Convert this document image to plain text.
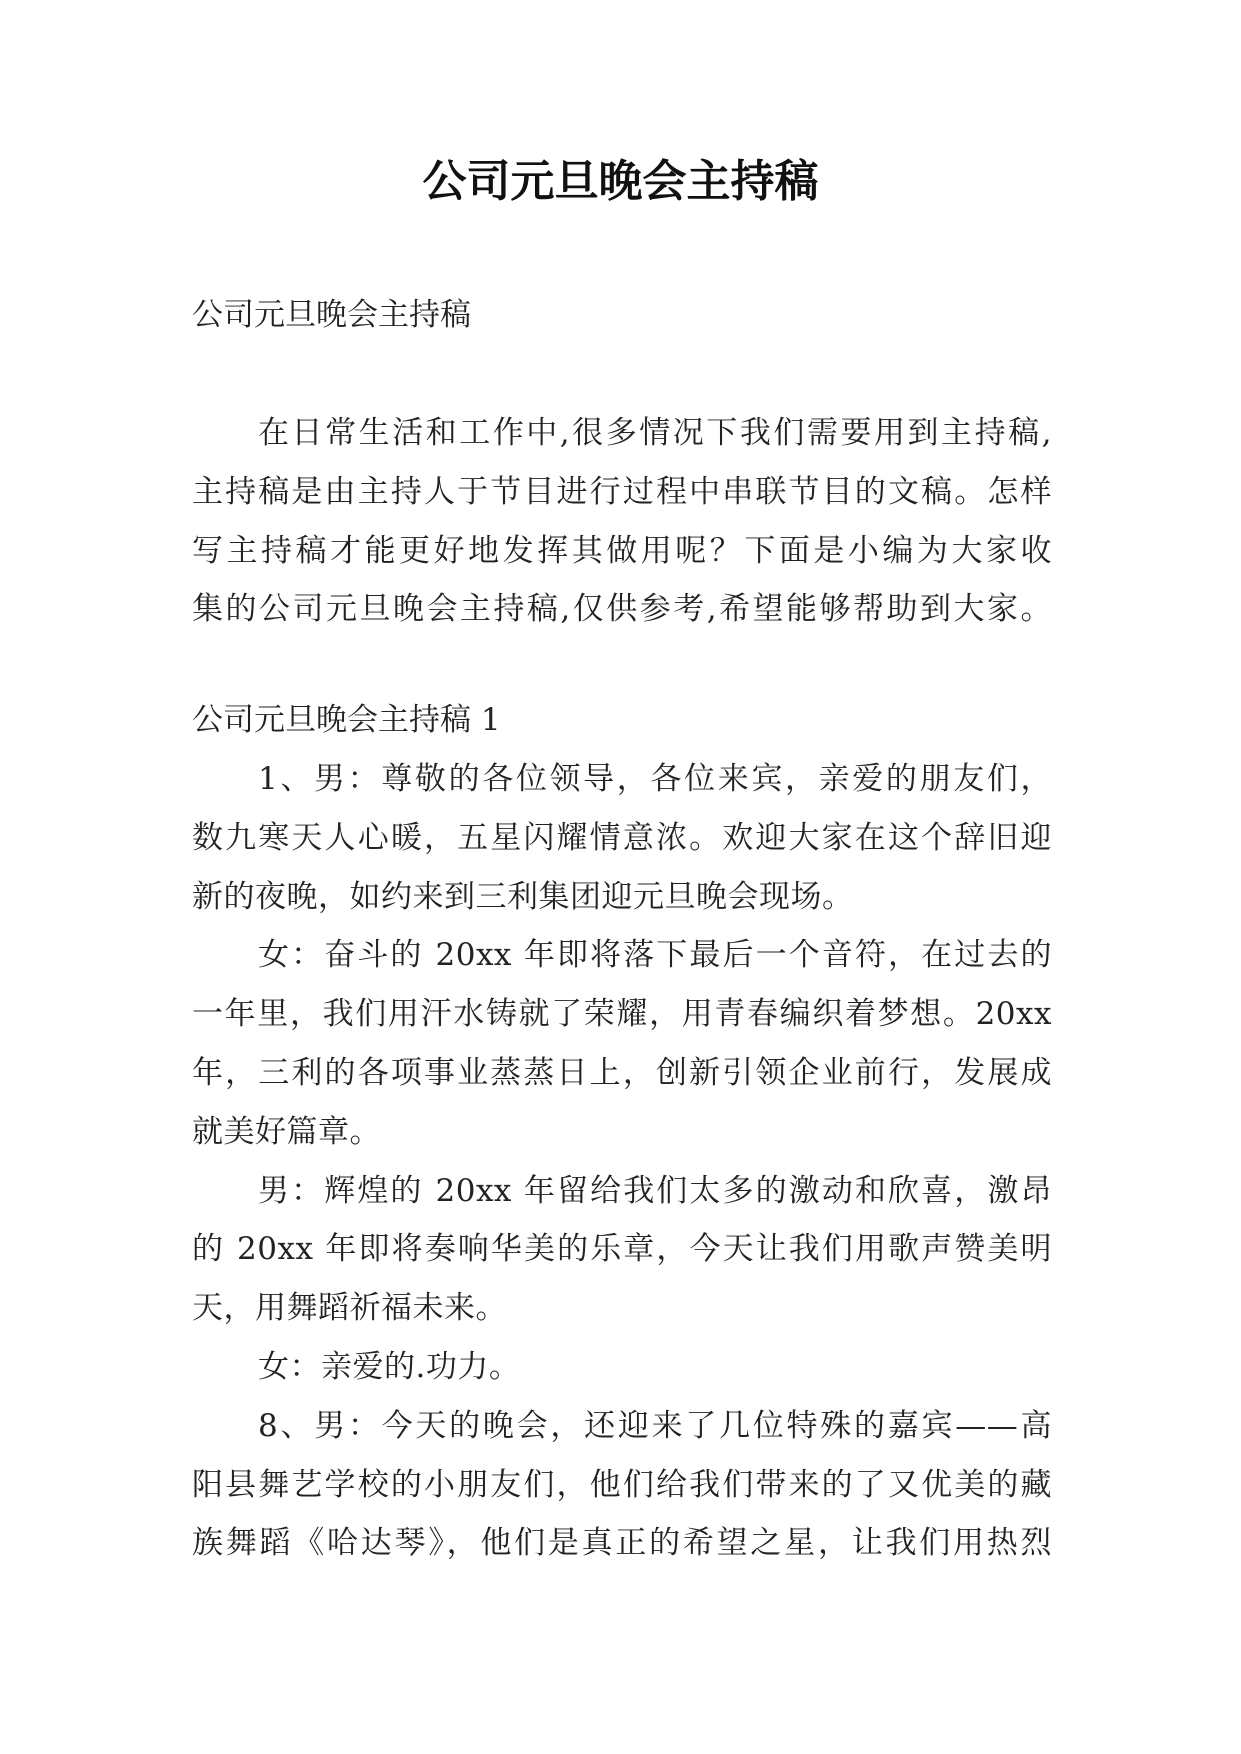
公司元旦晚会主持稿

公司元旦晚会主持稿

在日常生活和工作中,很多情况下我们需要用到主持稿,
主持稿是由主持人于节目进行过程中串联节目的文稿。怎样
写主持稿才能更好地发挥其做用呢？下面是小编为大家收
集的公司元旦晚会主持稿,仅供参考,希望能够帮助到大家。

公司元旦晚会主持稿 1

1、男：尊敬的各位领导，各位来宾，亲爱的朋友们，
数九寒天人心暖，五星闪耀情意浓。欢迎大家在这个辞旧迎
新的夜晚，如约来到三利集团迎元旦晚会现场。
女：奋斗的 20xx 年即将落下最后一个音符，在过去的
一年里，我们用汗水铸就了荣耀，用青春编织着梦想。20xx
年，三利的各项事业蒸蒸日上，创新引领企业前行，发展成
就美好篇章。
男：辉煌的 20xx 年留给我们太多的激动和欣喜，激昂
的 20xx 年即将奏响华美的乐章，今天让我们用歌声赞美明
天，用舞蹈祈福未来。
女：亲爱的.功力。
8、男：今天的晚会，还迎来了几位特殊的嘉宾——高
阳县舞艺学校的小朋友们，他们给我们带来的了又优美的藏
族舞蹈《哈达琴》，他们是真正的希望之星，让我们用热烈
